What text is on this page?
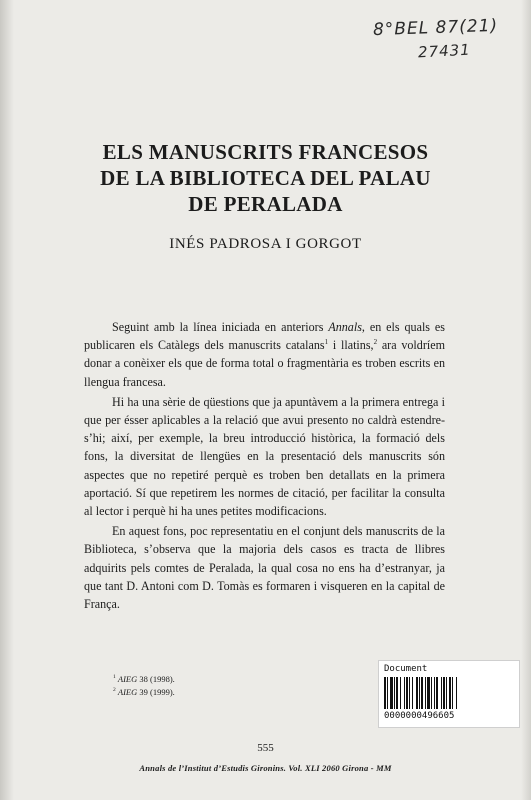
8°BEL 87(21)
27431
ELS MANUSCRITS FRANCESOS
DE LA BIBLIOTECA DEL PALAU
DE PERALADA
INÉS PADROSA I GORGOT

Seguint amb la línea iniciada en anteriors Annals, en els quals es publicaren els Catàlegs dels manuscrits catalans$^1$ i llatins,$^2$ ara voldríem donar a conèixer els que de forma total o fragmentària es troben escrits en llengua francesa.

Hi ha una sèrie de qüestions que ja apuntàvem a la primera entrega i que per ésser aplicables a la relació que avui presento no caldrà estendre-s’hi; així, per exemple, la breu introducció històrica, la formació dels fons, la diversitat de llengües en la presentació dels manuscrits són aspectes que no repetiré perquè es troben ben detallats en la primera aportació. Sí que repetirem les normes de citació, per facilitar la consulta al lector i perquè hi ha unes petites modificacions.

En aquest fons, poc representatiu en el conjunt dels manuscrits de la Biblioteca, s’observa que la majoria dels casos es tracta de llibres adquirits pels comtes de Peralada, la qual cosa no ens ha d’estranyar, ja que tant D. Antoni com D. Tomàs es formaren i visqueren en la capital de França.

$^1$ AIEG 38 (1998).
$^2$ AIEG 39 (1999).
555
Annals de l’Institut d’Estudis Gironins. Vol. XLI 2060 Girona - MM
Document
0000000496605
